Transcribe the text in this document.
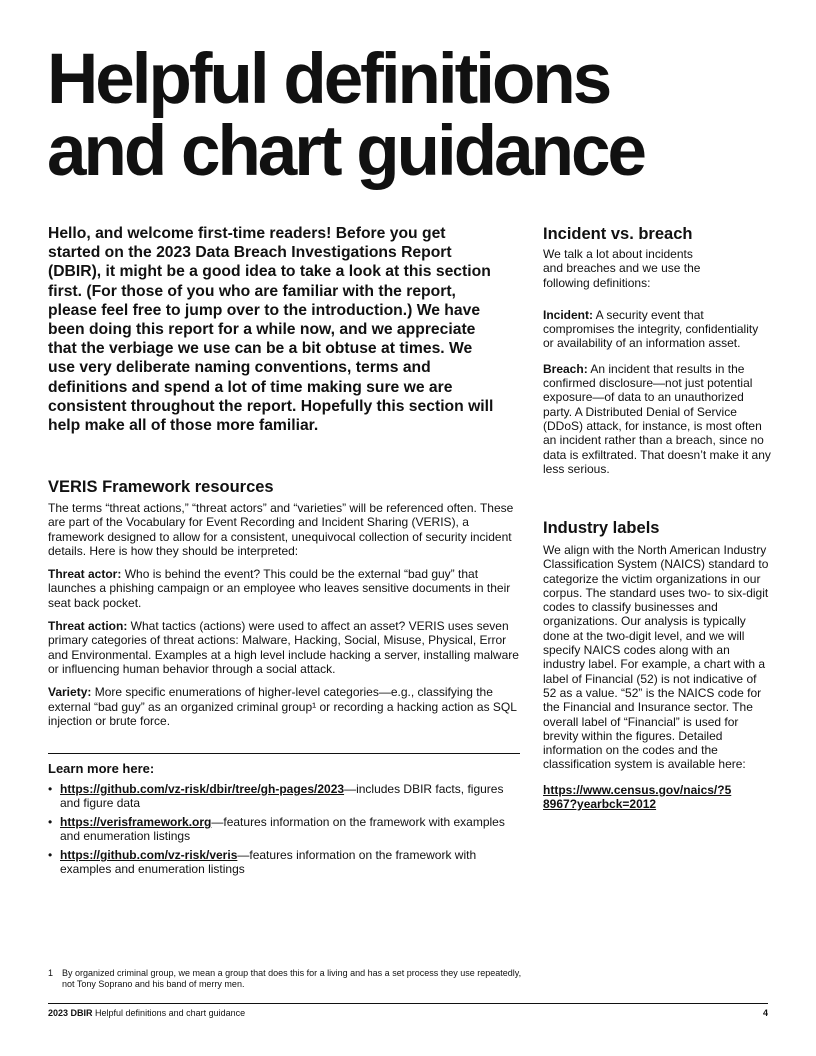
Helpful definitions
and chart guidance

Hello, and welcome first-time readers! Before you get started on the 2023 Data Breach Investigations Report (DBIR), it might be a good idea to take a look at this section first. (For those of you who are familiar with the report, please feel free to jump over to the introduction.) We have been doing this report for a while now, and we appreciate that the verbiage we use can be a bit obtuse at times. We use very deliberate naming conventions, terms and definitions and spend a lot of time making sure we are consistent throughout the report. Hopefully this section will help make all of those more familiar.

VERIS Framework resources

The terms “threat actions,” “threat actors” and “varieties” will be referenced often. These are part of the Vocabulary for Event Recording and Incident Sharing (VERIS), a framework designed to allow for a consistent, unequivocal collection of security incident details. Here is how they should be interpreted:

Threat actor: Who is behind the event? This could be the external “bad guy” that launches a phishing campaign or an employee who leaves sensitive documents in their seat back pocket.

Threat action: What tactics (actions) were used to affect an asset? VERIS uses seven primary categories of threat actions: Malware, Hacking, Social, Misuse, Physical, Error and Environmental. Examples at a high level include hacking a server, installing malware or influencing human behavior through a social attack.

Variety: More specific enumerations of higher-level categories—e.g., classifying the external “bad guy” as an organized criminal group¹ or recording a hacking action as SQL injection or brute force.

Learn more here:
• https://github.com/vz-risk/dbir/tree/gh-pages/2023—includes DBIR facts, figures and figure data
• https://verisframework.org—features information on the framework with examples and enumeration listings
• https://github.com/vz-risk/veris—features information on the framework with examples and enumeration listings
Incident vs. breach

We talk a lot about incidents and breaches and we use the following definitions:

Incident: A security event that compromises the integrity, confidentiality or availability of an information asset.

Breach: An incident that results in the confirmed disclosure—not just potential exposure—of data to an unauthorized party. A Distributed Denial of Service (DDoS) attack, for instance, is most often an incident rather than a breach, since no data is exfiltrated. That doesn’t make it any less serious.

Industry labels

We align with the North American Industry Classification System (NAICS) standard to categorize the victim organizations in our corpus. The standard uses two- to six-digit codes to classify businesses and organizations. Our analysis is typically done at the two-digit level, and we will specify NAICS codes along with an industry label. For example, a chart with a label of Financial (52) is not indicative of 52 as a value. “52” is the NAICS code for the Financial and Insurance sector. The overall label of “Financial” is used for brevity within the figures. Detailed information on the codes and the classification system is available here:

https://www.census.gov/naics/?58967?yearbck=2012
1 By organized criminal group, we mean a group that does this for a living and has a set process they use repeatedly, not Tony Soprano and his band of merry men.
2023 DBIR Helpful definitions and chart guidance	4
